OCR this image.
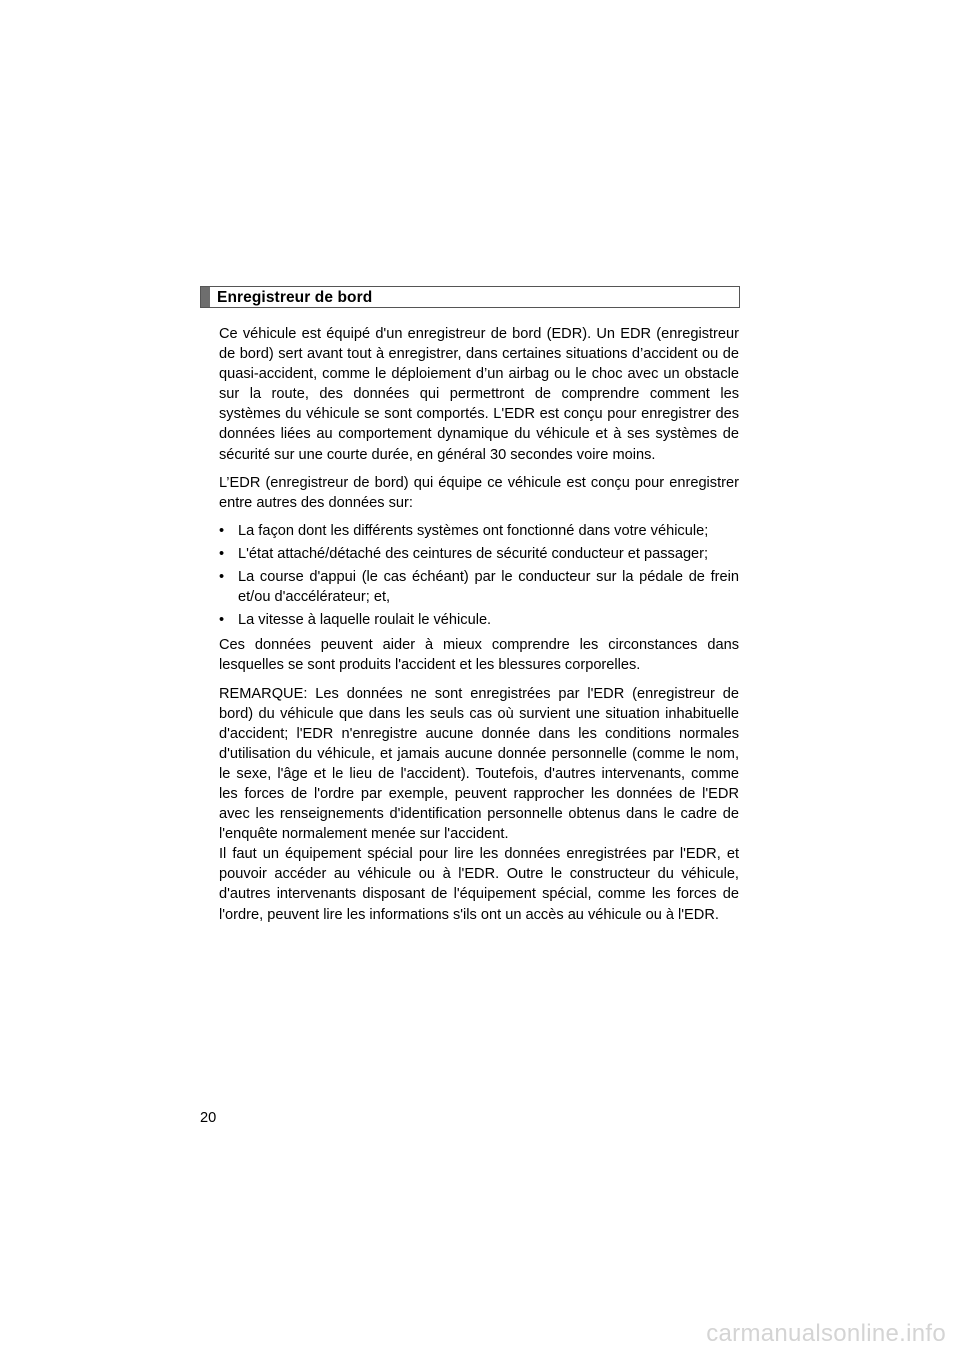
Enregistreur de bord

Ce véhicule est équipé d'un enregistreur de bord (EDR). Un EDR (enregistreur de bord) sert avant tout à enregistrer, dans certaines situations d’accident ou de quasi-accident, comme le déploiement d’un airbag ou le choc avec un obstacle sur la route, des données qui permettront de comprendre comment les systèmes du véhicule se sont comportés. L'EDR est conçu pour enregistrer des données liées au comportement dynamique du véhicule et à ses systèmes de sécurité sur une courte durée, en général 30 secondes voire moins.

L’EDR (enregistreur de bord) qui équipe ce véhicule est conçu pour enregistrer entre autres des données sur:

• La façon dont les différents systèmes ont fonctionné dans votre véhicule;
• L'état attaché/détaché des ceintures de sécurité conducteur et passager;
• La course d'appui (le cas échéant) par le conducteur sur la pédale de frein et/ou d'accélérateur; et,
• La vitesse à laquelle roulait le véhicule.

Ces données peuvent aider à mieux comprendre les circonstances dans lesquelles se sont produits l'accident et les blessures corporelles.

REMARQUE: Les données ne sont enregistrées par l'EDR (enregistreur de bord) du véhicule que dans les seuls cas où survient une situation inhabituelle d'accident; l'EDR n'enregistre aucune donnée dans les conditions normales d'utilisation du véhicule, et jamais aucune donnée personnelle (comme le nom, le sexe, l'âge et le lieu de l'accident). Toutefois, d'autres intervenants, comme les forces de l'ordre par exemple, peuvent rapprocher les données de l'EDR avec les renseignements d'identification personnelle obtenus dans le cadre de l'enquête normalement menée sur l'accident.

Il faut un équipement spécial pour lire les données enregistrées par l'EDR, et pouvoir accéder au véhicule ou à l'EDR. Outre le constructeur du véhicule, d'autres intervenants disposant de l'équipement spécial, comme les forces de l'ordre, peuvent lire les informations s'ils ont un accès au véhicule ou à l'EDR.

20
carmanualsonline.info
